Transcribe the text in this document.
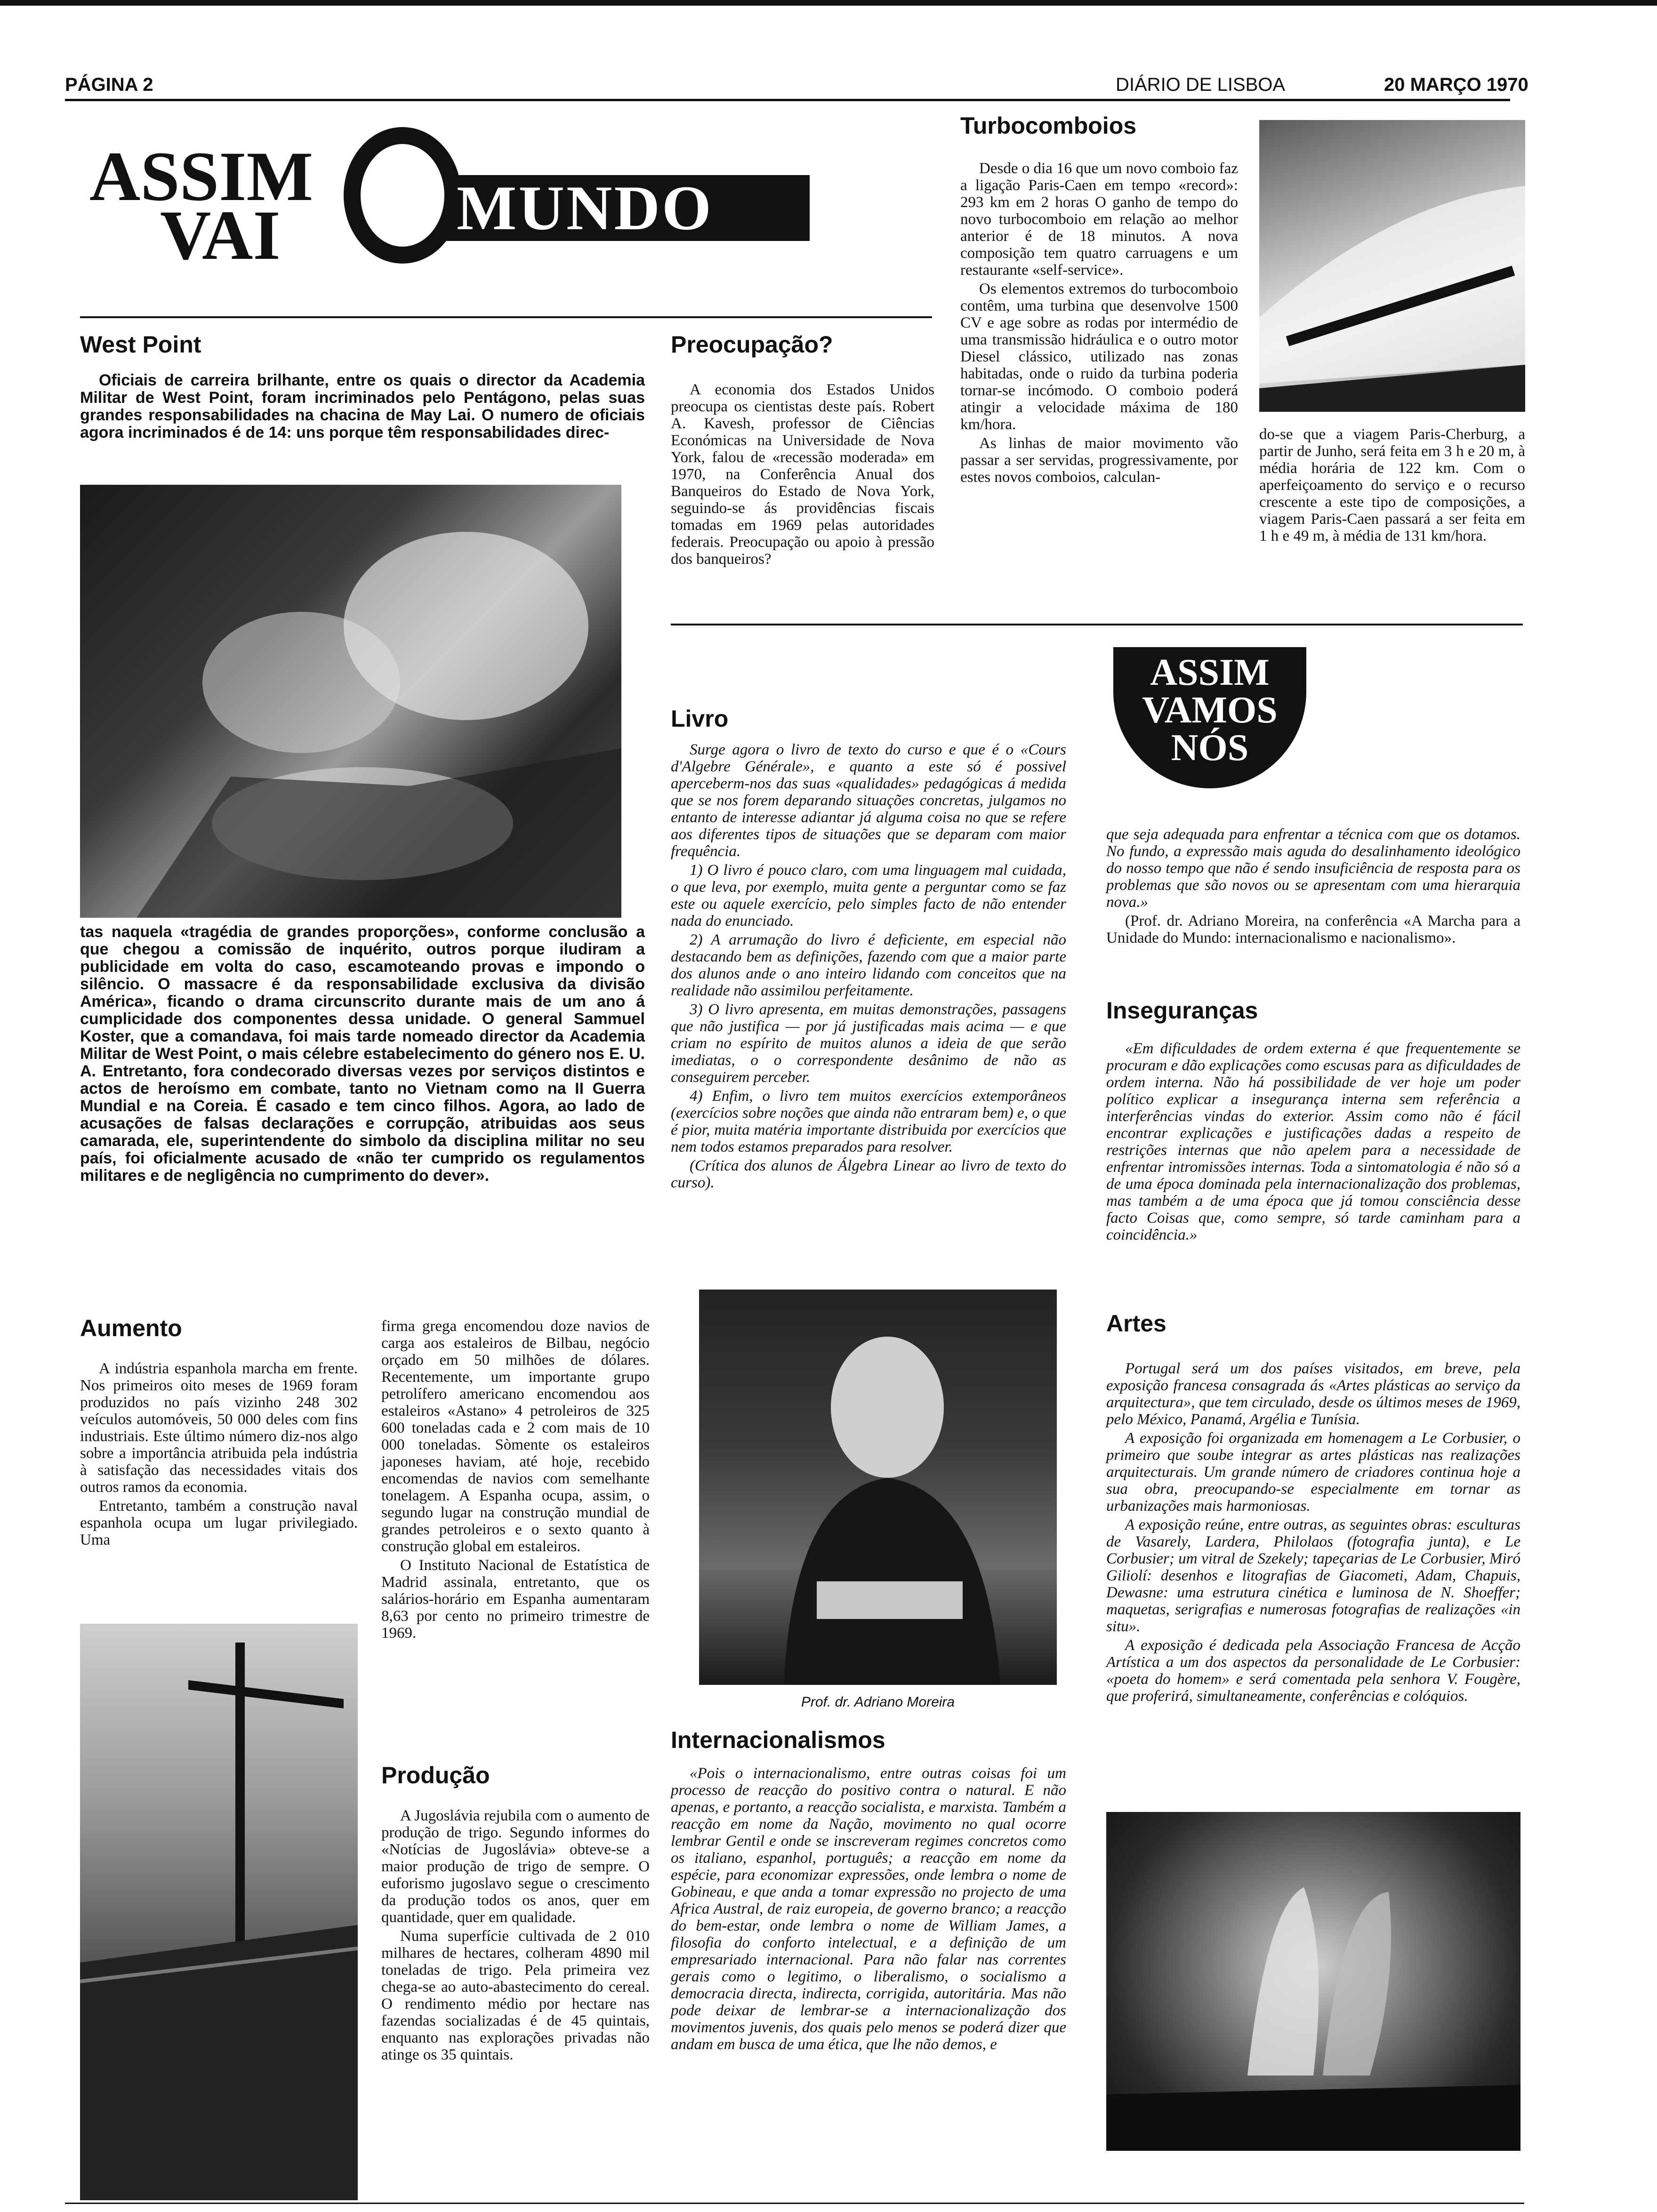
PÁGINA 2	DIÁRIO DE LISBOA	20 MARÇO 1970
ASSIM
VAI	MUNDO
West Point

Oficiais de carreira brilhante, entre os quais o director da Academia Militar de West Point, foram incriminados pelo Pentágono, pelas suas grandes responsabilidades na chacina de May Lai. O numero de oficiais agora incriminados é de 14: uns porque têm responsabilidades direc-

tas naquela «tragédia de grandes proporções», conforme conclusão a que chegou a comissão de inquérito, outros porque iludiram a publicidade em volta do caso, escamoteando provas e impondo o silêncio. O massacre é da responsabilidade exclusiva da divisão América», ficando o drama circunscrito durante mais de um ano á cumplicidade dos componentes dessa unidade. O general Sammuel Koster, que a comandava, foi mais tarde nomeado director da Academia Militar de West Point, o mais célebre estabelecimento do género nos E. U. A. Entretanto, fora condecorado diversas vezes por serviços distintos e actos de heroísmo em combate, tanto no Vietnam como na II Guerra Mundial e na Coreia. É casado e tem cinco filhos. Agora, ao lado de acusações de falsas declarações e corrupção, atribuidas aos seus camarada, ele, superintendente do simbolo da disciplina militar no seu país, foi oficialmente acusado de «não ter cumprido os regulamentos militares e de negligência no cumprimento do dever».

Aumento

A indústria espanhola marcha em frente. Nos primeiros oito meses de 1969 foram produzidos no país vizinho 248 302 veículos automóveis, 50 000 deles com fins industriais. Este último número diz-nos algo sobre a importância atribuida pela indústria à satisfação das necessidades vitais dos outros ramos da economia.

Entretanto, também a construção naval espanhola ocupa um lugar privilegiado. Uma

firma grega encomendou doze navios de carga aos estaleiros de Bilbau, negócio orçado em 50 milhões de dólares. Recentemente, um importante grupo petrolífero americano encomendou aos estaleiros «Astano» 4 petroleiros de 325 600 toneladas cada e 2 com mais de 10 000 toneladas. Sòmente os estaleiros japoneses haviam, até hoje, recebido encomendas de navios com semelhante tonelagem. A Espanha ocupa, assim, o segundo lugar na construção mundial de grandes petroleiros e o sexto quanto à construção global em estaleiros.

O Instituto Nacional de Estatística de Madrid assinala, entretanto, que os salários-horário em Espanha aumentaram 8,63 por cento no primeiro trimestre de 1969.

Produção

A Jugoslávia rejubila com o aumento de produção de trigo. Segundo informes do «Notícias de Jugoslávia» obteve-se a maior produção de trigo de sempre. O euforismo jugoslavo segue o crescimento da produção todos os anos, quer em quantidade, quer em qualidade.

Numa superfície cultivada de 2 010 milhares de hectares, colheram 4890 mil toneladas de trigo. Pela primeira vez chega-se ao auto-abastecimento do cereal. O rendimento médio por hectare nas fazendas socializadas é de 45 quintais, enquanto nas explorações privadas não atinge os 35 quintais.

Preocupação?

A economia dos Estados Unidos preocupa os cientistas deste país. Robert A. Kavesh, professor de Ciências Económicas na Universidade de Nova York, falou de «recessão moderada» em 1970, na Conferência Anual dos Banqueiros do Estado de Nova York, seguindo-se ás providências fiscais tomadas em 1969 pelas autoridades federais. Preocupação ou apoio à pressão dos banqueiros?

Turbocomboios

Desde o dia 16 que um novo comboio faz a ligação Paris-Caen em tempo «record»: 293 km em 2 horas O ganho de tempo do novo turbocomboio em relação ao melhor anterior é de 18 minutos. A nova composição tem quatro carruagens e um restaurante «self-service».

Os elementos extremos do turbocomboio contêm, uma turbina que desenvolve 1500 CV e age sobre as rodas por intermédio de uma transmissão hidráulica e o outro motor Diesel clássico, utilizado nas zonas habitadas, onde o ruido da turbina poderia tornar-se incómodo. O comboio poderá atingir a velocidade máxima de 180 km/hora.

As linhas de maior movimento vão passar a ser servidas, progressivamente, por estes novos comboios, calculan-

do-se que a viagem Paris-Cherburg, a partir de Junho, será feita em 3 h e 20 m, à média horária de 122 km. Com o aperfeiçoamento do serviço e o recurso crescente a este tipo de composições, a viagem Paris-Caen passará a ser feita em 1 h e 49 m, à média de 131 km/hora.

ASSIM
VAMOS
NÓS
Livro

Surge agora o livro de texto do curso e que é o «Cours d'Algebre Générale», e quanto a este só é possivel aperceberm-nos das suas «qualidades» pedagógicas á medida que se nos forem deparando situações concretas, julgamos no entanto de interesse adiantar já alguma coisa no que se refere aos diferentes tipos de situações que se deparam com maior frequência.

1) O livro é pouco claro, com uma linguagem mal cuidada, o que leva, por exemplo, muita gente a perguntar como se faz este ou aquele exercício, pelo simples facto de não entender nada do enunciado.

2) A arrumação do livro é deficiente, em especial não destacando bem as definições, fazendo com que a maior parte dos alunos ande o ano inteiro lidando com conceitos que na realidade não assimilou perfeitamente.

3) O livro apresenta, em muitas demonstrações, passagens que não justifica — por já justificadas mais acima — e que criam no espírito de muitos alunos a ideia de que serão imediatas, o o correspondente desânimo de não as conseguirem perceber.

4) Enfim, o livro tem muitos exercícios extemporâneos (exercícios sobre noções que ainda não entraram bem) e, o que é pior, muita matéria importante distribuida por exercícios que nem todos estamos preparados para resolver.

(Crítica dos alunos de Álgebra Linear ao livro de texto do curso).

Prof. dr. Adriano Moreira
Internacionalismos

«Pois o internacionalismo, entre outras coisas foi um processo de reacção do positivo contra o natural. E não apenas, e portanto, a reacção socialista, e marxista. Também a reacção em nome da Nação, movimento no qual ocorre lembrar Gentil e onde se inscreveram regimes concretos como os italiano, espanhol, português; a reacção em nome da espécie, para economizar expressões, onde lembra o nome de Gobineau, e que anda a tomar expressão no projecto de uma Africa Austral, de raiz europeia, de governo branco; a reacção do bem-estar, onde lembra o nome de William James, a filosofia do conforto intelectual, e a definição de um empresariado internacional. Para não falar nas correntes gerais como o legitimo, o liberalismo, o socialismo a democracia directa, indirecta, corrigida, autoritária. Mas não pode deixar de lembrar-se a internacionalização dos movimentos juvenis, dos quais pelo menos se poderá dizer que andam em busca de uma ética, que lhe não demos, e

que seja adequada para enfrentar a técnica com que os dotamos. No fundo, a expressão mais aguda do desalinhamento ideológico do nosso tempo que não é sendo insuficiência de resposta para os problemas que são novos ou se apresentam com uma hierarquia nova.»

(Prof. dr. Adriano Moreira, na conferência «A Marcha para a Unidade do Mundo: internacionalismo e nacionalismo».

Inseguranças

«Em dificuldades de ordem externa é que frequentemente se procuram e dão explicações como escusas para as dificuldades de ordem interna. Não há possibilidade de ver hoje um poder político explicar a insegurança interna sem referência a interferências vindas do exterior. Assim como não é fácil encontrar explicações e justificações dadas a respeito de restrições internas que não apelem para a necessidade de enfrentar intromissões internas. Toda a sintomatologia é não só a de uma época dominada pela internacionalização dos problemas, mas também a de uma época que já tomou consciência desse facto Coisas que, como sempre, só tarde caminham para a coincidência.»

Artes

Portugal será um dos países visitados, em breve, pela exposição francesa consagrada ás «Artes plásticas ao serviço da arquitectura», que tem circulado, desde os últimos meses de 1969, pelo México, Panamá, Argélia e Tunísia.

A exposição foi organizada em homenagem a Le Corbusier, o primeiro que soube integrar as artes plásticas nas realizações arquitecturais. Um grande número de criadores continua hoje a sua obra, preocupando-se especialmente em tornar as urbanizações mais harmoniosas.

A exposição reúne, entre outras, as seguintes obras: esculturas de Vasarely, Lardera, Philolaos (fotografia junta), e Le Corbusier; um vitral de Szekely; tapeçarias de Le Corbusier, Miró Giliolí: desenhos e litografias de Giacometi, Adam, Chapuis, Dewasne: uma estrutura cinética e luminosa de N. Shoeffer; maquetas, serigrafias e numerosas fotografias de realizações «in situ».

A exposição é dedicada pela Associação Francesa de Acção Artística a um dos aspectos da personalidade de Le Corbusier: «poeta do homem» e será comentada pela senhora V. Fougère, que proferirá, simultaneamente, conferências e colóquios.
